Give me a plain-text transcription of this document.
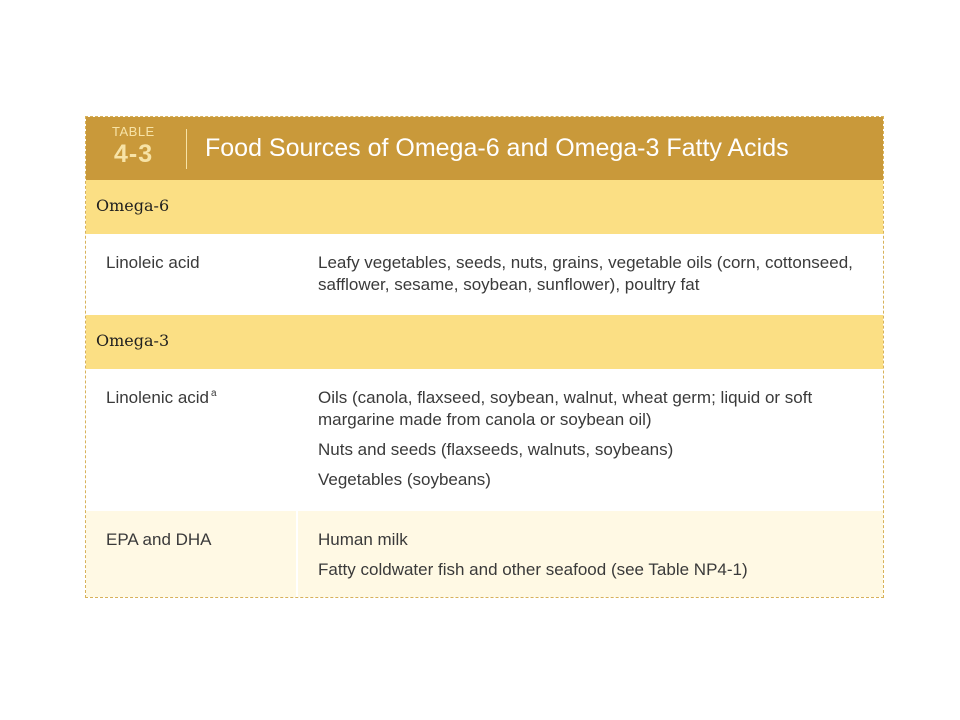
TABLE
4-3	Food Sources of Omega-6 and Omega-3 Fatty Acids
Omega-6
Linoleic acid	Leafy vegetables, seeds, nuts, grains, vegetable oils (corn, cottonseed, safflower, sesame, soybean, sunflower), poultry fat
Omega-3
Linolenic acid $^a$	Oils (canola, flaxseed, soybean, walnut, wheat germ; liquid or soft margarine made from canola or soybean oil)
Nuts and seeds (flaxseeds, walnuts, soybeans)
Vegetables (soybeans)
EPA and DHA	Human milk
Fatty coldwater fish and other seafood (see Table NP4-1)
